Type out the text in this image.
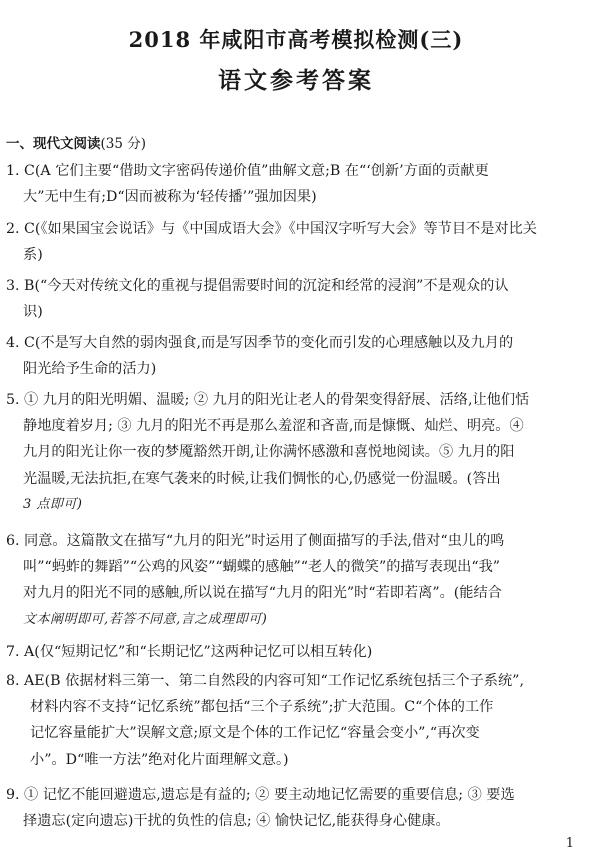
2018 年咸阳市高考模拟检测(三)
语文参考答案
一、现代文阅读(35 分)
1. C(A 它们主要“借助文字密码传递价值”曲解文意;B 在“‘创新’方面的贡献更
大”无中生有;D“因而被称为‘轻传播’”强加因果)
2. C(《如果国宝会说话》与《中国成语大会》《中国汉字听写大会》等节目不是对比关
系)
3. B(“今天对传统文化的重视与提倡需要时间的沉淀和经常的浸润”不是观众的认
识)
4. C(不是写大自然的弱肉强食,而是写因季节的变化而引发的心理感触以及九月的
阳光给予生命的活力)
5. ① 九月的阳光明媚、温暖; ② 九月的阳光让老人的骨架变得舒展、活络,让他们恬
静地度着岁月; ③ 九月的阳光不再是那么羞涩和吝啬,而是慷慨、灿烂、明亮。④
九月的阳光让你一夜的梦魇豁然开朗,让你满怀感激和喜悦地阅读。⑤ 九月的阳
光温暖,无法抗拒,在寒气袭来的时候,让我们惆怅的心,仍感觉一份温暖。(答出
3 点即可)
6. 同意。这篇散文在描写“九月的阳光”时运用了侧面描写的手法,借对“虫儿的鸣
叫”“蚂蚱的舞蹈”“公鸡的风姿”“蝴蝶的感触”“老人的微笑”的描写表现出“我”
对九月的阳光不同的感触,所以说在描写“九月的阳光”时“若即若离”。(能结合
文本阐明即可,若答不同意,言之成理即可)
7. A(仅“短期记忆”和“长期记忆”这两种记忆可以相互转化)
8. AE(B 依据材料三第一、第二自然段的内容可知“工作记忆系统包括三个子系统”,
材料内容不支持“记忆系统”都包括“三个子系统”;扩大范围。C“个体的工作
记忆容量能扩大”误解文意;原文是个体的工作记忆“容量会变小”,“再次变
小”。D“唯一方法”绝对化片面理解文意。)
9. ① 记忆不能回避遗忘,遗忘是有益的; ② 要主动地记忆需要的重要信息; ③ 要选
择遗忘(定向遗忘)干扰的负性的信息; ④ 愉快记忆,能获得身心健康。
1
